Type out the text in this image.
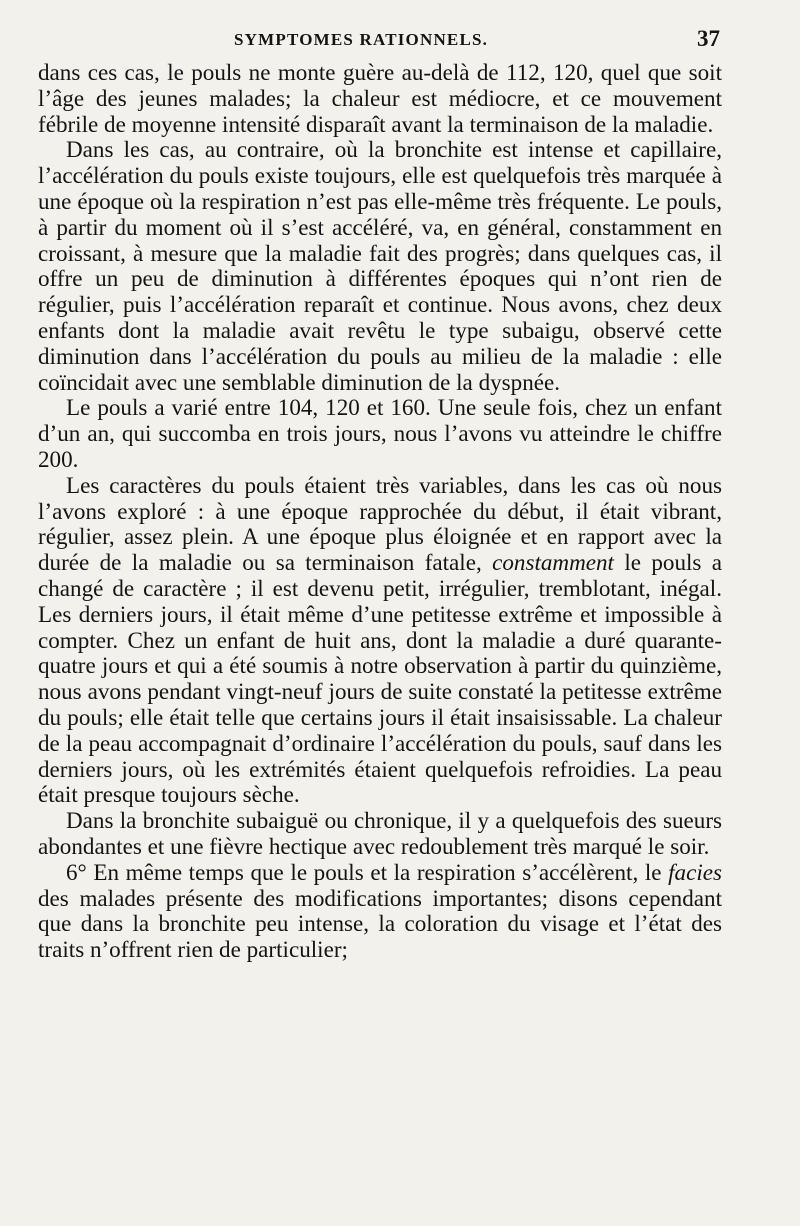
SYMPTOMES RATIONNELS.	37

dans ces cas, le pouls ne monte guère au-delà de 112, 120, quel que soit l’âge des jeunes malades; la chaleur est médiocre, et ce mouvement fébrile de moyenne intensité disparaît avant la terminaison de la maladie.

Dans les cas, au contraire, où la bronchite est intense et capillaire, l’accélération du pouls existe toujours, elle est quelquefois très marquée à une époque où la respiration n’est pas elle-même très fréquente. Le pouls, à partir du moment où il s’est accéléré, va, en général, constamment en croissant, à mesure que la maladie fait des progrès; dans quelques cas, il offre un peu de diminution à différentes époques qui n’ont rien de régulier, puis l’accélération reparaît et continue. Nous avons, chez deux enfants dont la maladie avait revêtu le type subaigu, observé cette diminution dans l’accélération du pouls au milieu de la maladie : elle coïncidait avec une semblable diminution de la dyspnée.

Le pouls a varié entre 104, 120 et 160. Une seule fois, chez un enfant d’un an, qui succomba en trois jours, nous l’avons vu atteindre le chiffre 200.

Les caractères du pouls étaient très variables, dans les cas où nous l’avons exploré : à une époque rapprochée du début, il était vibrant, régulier, assez plein. A une époque plus éloignée et en rapport avec la durée de la maladie ou sa terminaison fatale, constamment le pouls a changé de caractère ; il est devenu petit, irrégulier, tremblotant, inégal. Les derniers jours, il était même d’une petitesse extrême et impossible à compter. Chez un enfant de huit ans, dont la maladie a duré quarante-quatre jours et qui a été soumis à notre observation à partir du quinzième, nous avons pendant vingt-neuf jours de suite constaté la petitesse extrême du pouls; elle était telle que certains jours il était insaisissable. La chaleur de la peau accompagnait d’ordinaire l’accélération du pouls, sauf dans les derniers jours, où les extrémités étaient quelquefois refroidies. La peau était presque toujours sèche.

Dans la bronchite subaiguë ou chronique, il y a quelquefois des sueurs abondantes et une fièvre hectique avec redoublement très marqué le soir.

6° En même temps que le pouls et la respiration s’accélèrent, le facies des malades présente des modifications importantes; disons cependant que dans la bronchite peu intense, la coloration du visage et l’état des traits n’offrent rien de particulier;
